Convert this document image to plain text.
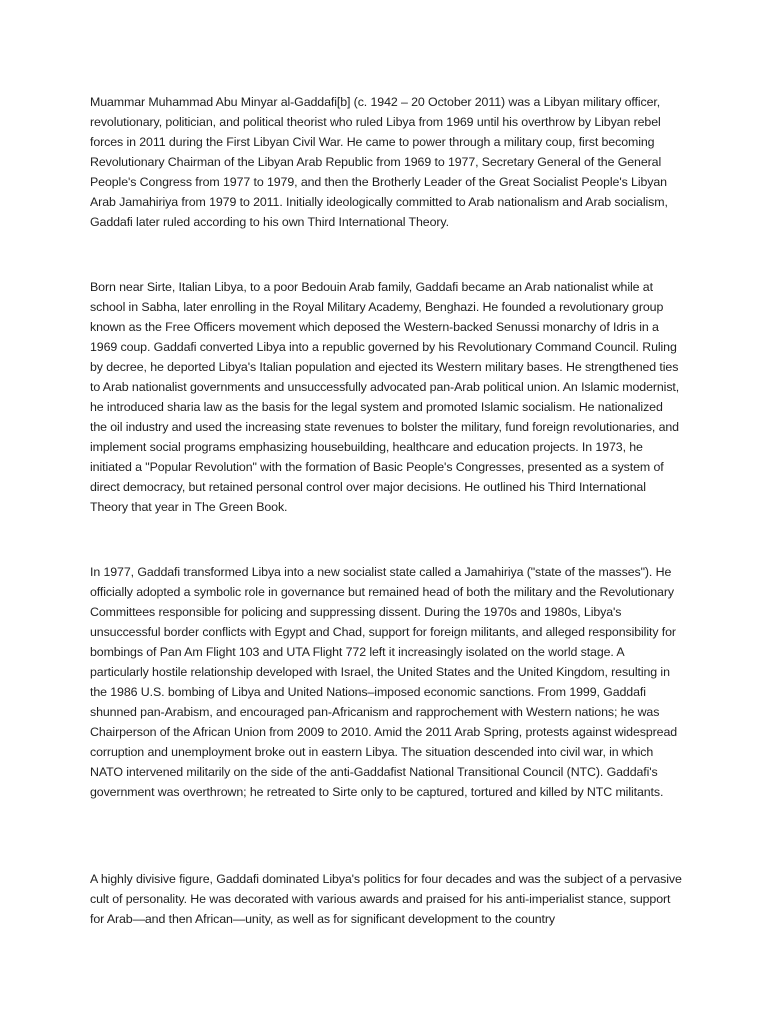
Muammar Muhammad Abu Minyar al-Gaddafi[b] (c. 1942 – 20 October 2011) was a Libyan military officer, revolutionary, politician, and political theorist who ruled Libya from 1969 until his overthrow by Libyan rebel forces in 2011 during the First Libyan Civil War. He came to power through a military coup, first becoming Revolutionary Chairman of the Libyan Arab Republic from 1969 to 1977, Secretary General of the General People's Congress from 1977 to 1979, and then the Brotherly Leader of the Great Socialist People's Libyan Arab Jamahiriya from 1979 to 2011. Initially ideologically committed to Arab nationalism and Arab socialism, Gaddafi later ruled according to his own Third International Theory.

Born near Sirte, Italian Libya, to a poor Bedouin Arab family, Gaddafi became an Arab nationalist while at school in Sabha, later enrolling in the Royal Military Academy, Benghazi. He founded a revolutionary group known as the Free Officers movement which deposed the Western-backed Senussi monarchy of Idris in a 1969 coup. Gaddafi converted Libya into a republic governed by his Revolutionary Command Council. Ruling by decree, he deported Libya's Italian population and ejected its Western military bases. He strengthened ties to Arab nationalist governments and unsuccessfully advocated pan-Arab political union. An Islamic modernist, he introduced sharia law as the basis for the legal system and promoted Islamic socialism. He nationalized the oil industry and used the increasing state revenues to bolster the military, fund foreign revolutionaries, and implement social programs emphasizing housebuilding, healthcare and education projects. In 1973, he initiated a "Popular Revolution" with the formation of Basic People's Congresses, presented as a system of direct democracy, but retained personal control over major decisions. He outlined his Third International Theory that year in The Green Book.

In 1977, Gaddafi transformed Libya into a new socialist state called a Jamahiriya ("state of the masses"). He officially adopted a symbolic role in governance but remained head of both the military and the Revolutionary Committees responsible for policing and suppressing dissent. During the 1970s and 1980s, Libya's unsuccessful border conflicts with Egypt and Chad, support for foreign militants, and alleged responsibility for bombings of Pan Am Flight 103 and UTA Flight 772 left it increasingly isolated on the world stage. A particularly hostile relationship developed with Israel, the United States and the United Kingdom, resulting in the 1986 U.S. bombing of Libya and United Nations–imposed economic sanctions. From 1999, Gaddafi shunned pan-Arabism, and encouraged pan-Africanism and rapprochement with Western nations; he was Chairperson of the African Union from 2009 to 2010. Amid the 2011 Arab Spring, protests against widespread corruption and unemployment broke out in eastern Libya. The situation descended into civil war, in which NATO intervened militarily on the side of the anti-Gaddafist National Transitional Council (NTC). Gaddafi's government was overthrown; he retreated to Sirte only to be captured, tortured and killed by NTC militants.

A highly divisive figure, Gaddafi dominated Libya's politics for four decades and was the subject of a pervasive cult of personality. He was decorated with various awards and praised for his anti-imperialist stance, support for Arab—and then African—unity, as well as for significant development to the country
